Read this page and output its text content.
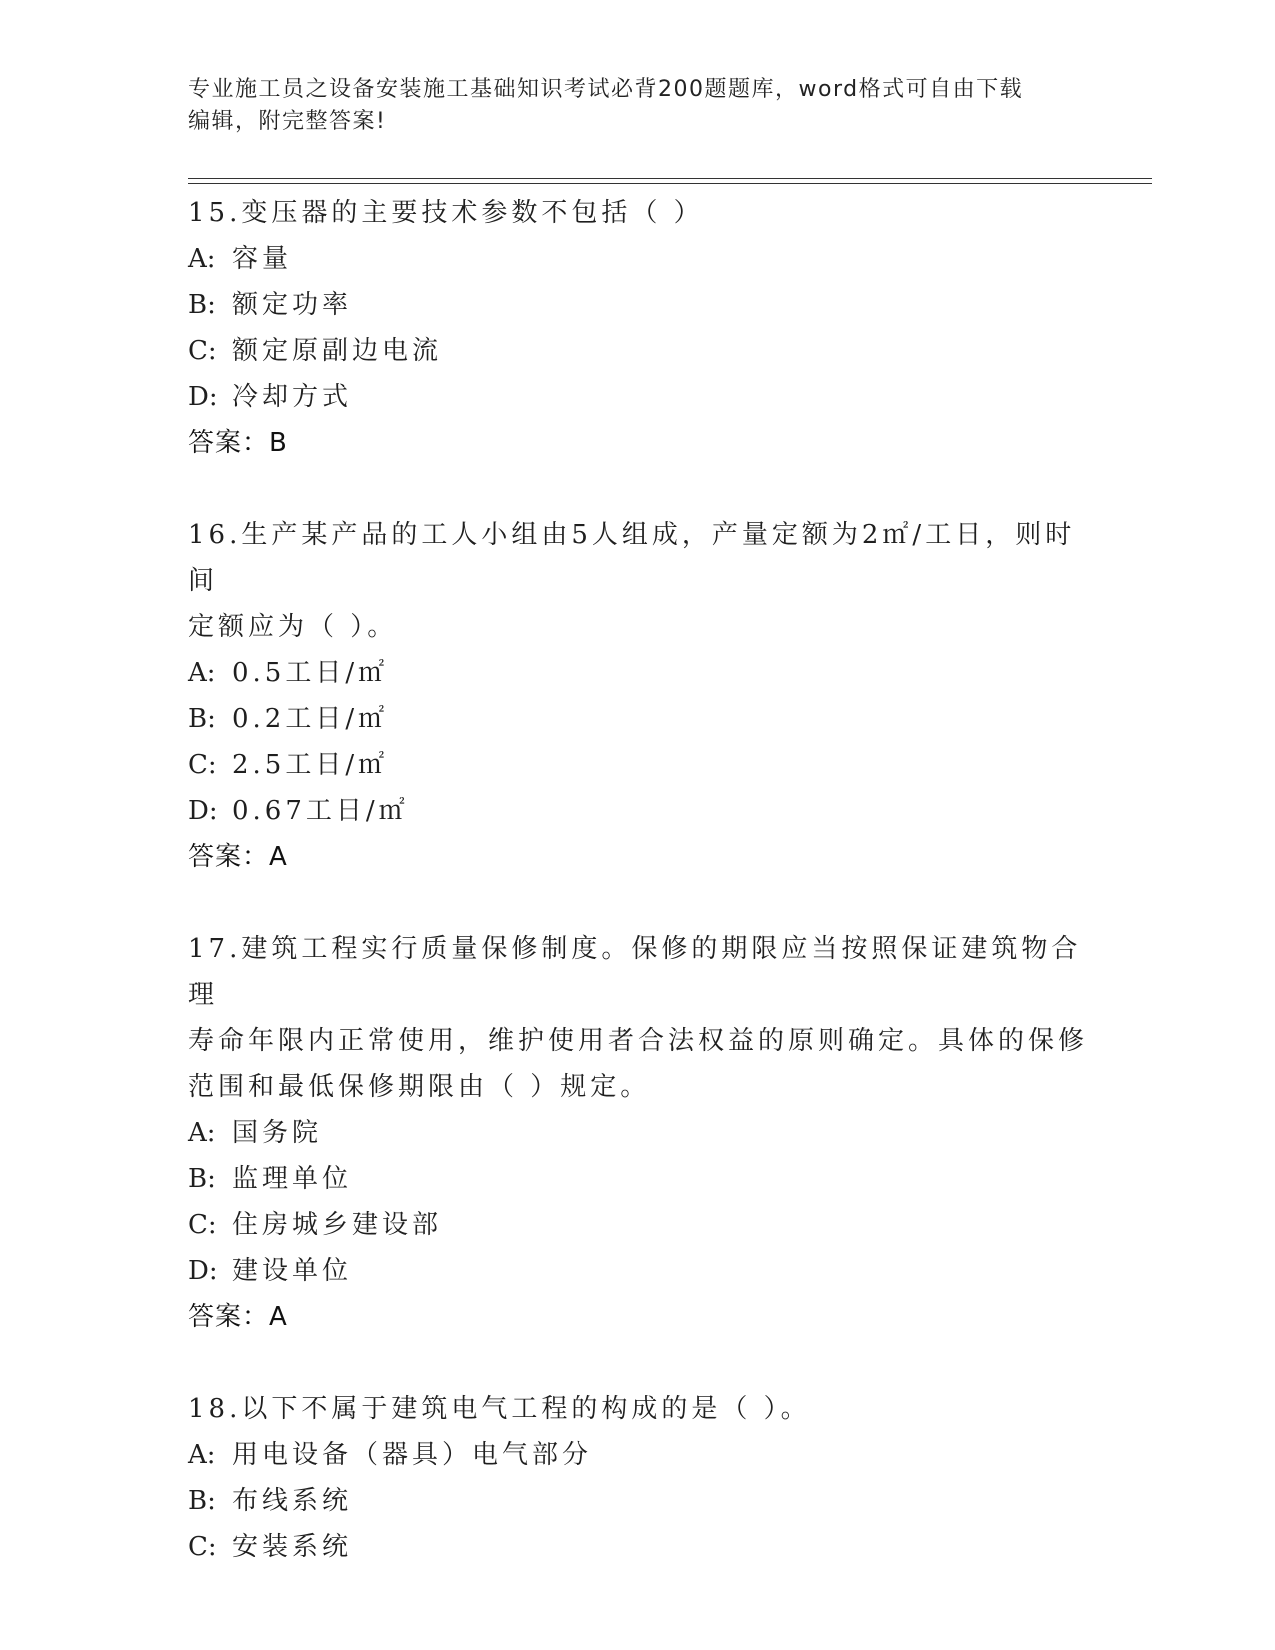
专业施工员之设备安装施工基础知识考试必背200题题库，word格式可自由下载
编辑，附完整答案!
15.变压器的主要技术参数不包括（ ）
A: 容量
B: 额定功率
C: 额定原副边电流
D: 冷却方式
答案：B
16.生产某产品的工人小组由5人组成，产量定额为2㎡/工日，则时间
定额应为（ ）。
A: 0.5工日/㎡
B: 0.2工日/㎡
C: 2.5工日/㎡
D: 0.67工日/㎡
答案：A
17.建筑工程实行质量保修制度。保修的期限应当按照保证建筑物合理
寿命年限内正常使用，维护使用者合法权益的原则确定。具体的保修
范围和最低保修期限由（ ）规定。
A: 国务院
B: 监理单位
C: 住房城乡建设部
D: 建设单位
答案：A
18.以下不属于建筑电气工程的构成的是（ ）。
A: 用电设备（器具）电气部分
B: 布线系统
C: 安装系统
